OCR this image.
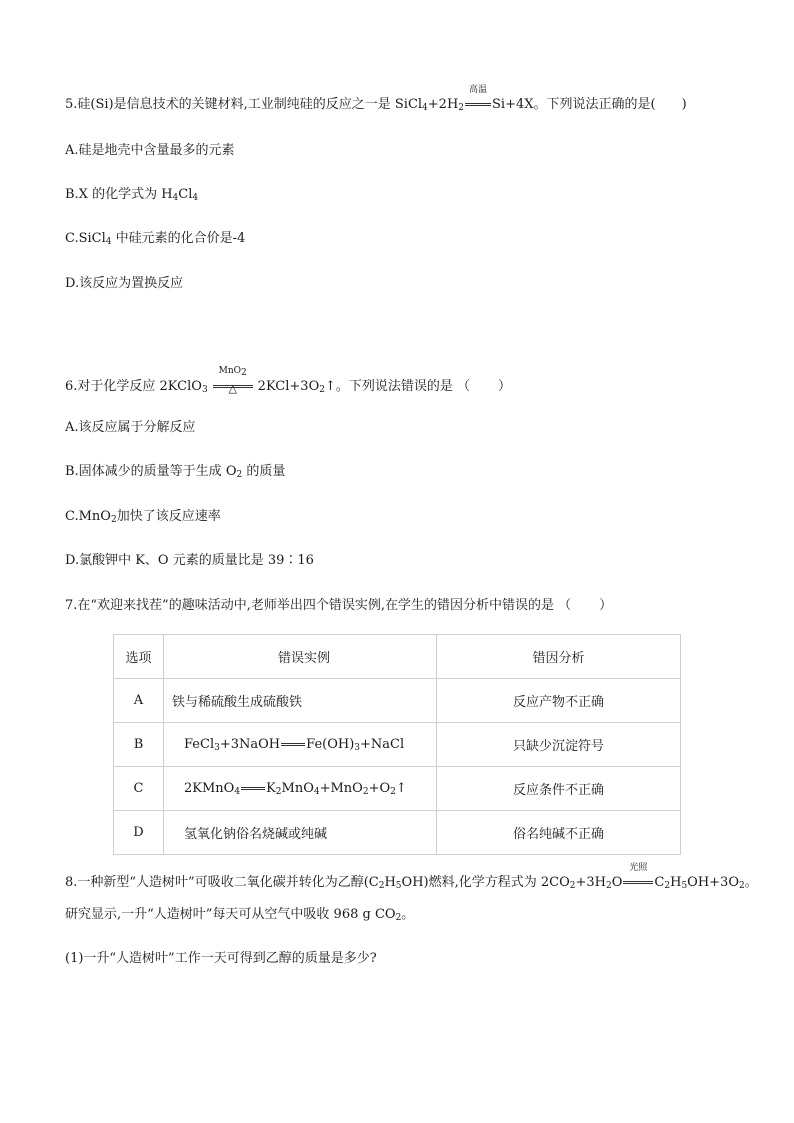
5.硅(Si)是信息技术的关键材料,工业制纯硅的反应之一是 $SiCl_4+2H_2$
高温
Si+4X。下列说法正确的是( )
A.硅是地壳中含量最多的元素
B.X 的化学式为 $H_4Cl_4$
C.SiCl$_4$ 中硅元素的化合价是-4
D.该反应为置换反应
6.对于化学反应 2KClO$_3$
MnO$_2$
△	$2KCl+3O_2↑$。下列说法错误的是 （ ）
A.该反应属于分解反应
B.固体减少的质量等于生成 $O_2$ 的质量
C.MnO$_2$加快了该反应速率
D.氯酸钾中 K、O 元素的质量比是 39∶16
7.在“欢迎来找茬”的趣味活动中,老师举出四个错误实例,在学生的错因分析中错误的是 （ ）
选项	错误实例	错因分析
A	铁与稀硫酸生成硫酸铁	反应产物不正确
B	FeCl$_3$+3NaOH $Fe(OH)_3+NaCl$	只缺少沉淀符号
C	2KMnO$_4$ $K_2MnO_4+MnO_2+O_2↑$	反应条件不正确
D	氢氧化钠俗名烧碱或纯碱	俗名纯碱不正确
8.一种新型“人造树叶”可吸收二氧化碳并转化为乙醇$(C_2H_5OH)$燃料,化学方程式为 $2CO_2+3H_2O$
光照
$C_2H_5OH+3O_2$。
研究显示,一升“人造树叶”每天可从空气中吸收 968 g $CO_2$。
(1)一升“人造树叶”工作一天可得到乙醇的质量是多少?
